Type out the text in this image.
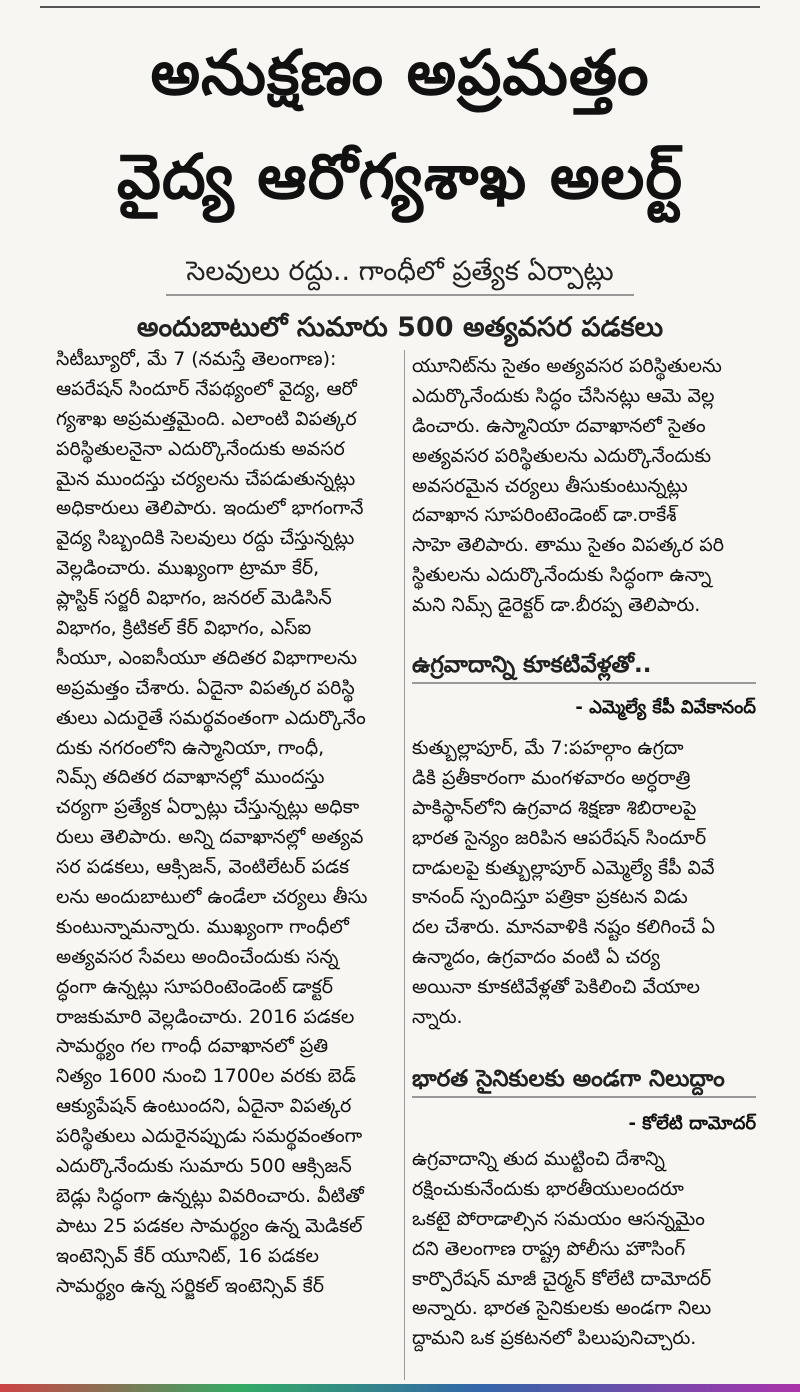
అనుక్షణం అప్రమత్తం
వైద్య ఆరోగ్యశాఖ అలర్ట్
సెలవులు రద్దు.. గాంధీలో ప్రత్యేక ఏర్పాట్లు
అందుబాటులో సుమారు 500 అత్యవసర పడకలు
సిటీబ్యూరో, మే 7 (నమస్తే తెలంగాణ):
ఆపరేషన్ సిందూర్ నేపథ్యంలో వైద్య, ఆరో
గ్యశాఖ అప్రమత్తమైంది. ఎలాంటి విపత్కర
పరిస్థితులనైనా ఎదుర్కొనేందుకు అవసర
మైన ముందస్తు చర్యలను చేపడుతున్నట్లు
అధికారులు తెలిపారు. ఇందులో భాగంగానే
వైద్య సిబ్బందికి సెలవులు రద్దు చేస్తున్నట్లు
వెల్లడించారు. ముఖ్యంగా ట్రామా కేర్,
ప్లాస్టిక్ సర్జరీ విభాగం, జనరల్ మెడిసిన్
విభాగం, క్రిటికల్ కేర్ విభాగం, ఎస్ఐ
సీయూ, ఎంఐసీయూ తదితర విభాగాలను
అప్రమత్తం చేశారు. ఏదైనా విపత్కర పరిస్థి
తులు ఎదురైతే సమర్థవంతంగా ఎదుర్కొనేం
దుకు నగరంలోని ఉస్మానియా, గాంధీ,
నిమ్స్ తదితర దవాఖానల్లో ముందస్తు
చర్యగా ప్రత్యేక ఏర్పాట్లు చేస్తున్నట్లు అధికా
రులు తెలిపారు. అన్ని దవాఖానల్లో అత్యవ
సర పడకలు, ఆక్సిజన్, వెంటిలేటర్ పడక
లను అందుబాటులో ఉండేలా చర్యలు తీసు
కుంటున్నామన్నారు. ముఖ్యంగా గాంధీలో
అత్యవసర సేవలు అందించేందుకు సన్న
ద్ధంగా ఉన్నట్లు సూపరింటెండెంట్ డాక్టర్
రాజకుమారి వెల్లడించారు. 2016 పడకల
సామర్థ్యం గల గాంధీ దవాఖానలో ప్రతి
నిత్యం 1600 నుంచి 1700ల వరకు బెడ్
ఆక్యుపేషన్ ఉంటుందని, ఏదైనా విపత్కర
పరిస్థితులు ఎదురైనప్పుడు సమర్థవంతంగా
ఎదుర్కొనేందుకు సుమారు 500 ఆక్సిజన్
బెడ్లు సిద్ధంగా ఉన్నట్లు వివరించారు. వీటితో
పాటు 25 పడకల సామర్థ్యం ఉన్న మెడికల్
ఇంటెన్సివ్ కేర్ యూనిట్, 16 పడకల
సామర్థ్యం ఉన్న సర్జికల్ ఇంటెన్సివ్ కేర్
యూనిట్‌ను సైతం అత్యవసర పరిస్థితులను
ఎదుర్కొనేందుకు సిద్ధం చేసినట్లు ఆమె వెల్ల
డించారు. ఉస్మానియా దవాఖానలో సైతం
అత్యవసర పరిస్థితులను ఎదుర్కొనేందుకు
అవసరమైన చర్యలు తీసుకుంటున్నట్లు
దవాఖాన సూపరింటెండెంట్ డా.రాకేశ్
సాహె తెలిపారు. తాము సైతం విపత్కర పరి
స్థితులను ఎదుర్కొనేందుకు సిద్ధంగా ఉన్నా
మని నిమ్స్ డైరెక్టర్ డా.బీరప్ప తెలిపారు.
ఉగ్రవాదాన్ని కూకటివేళ్లతో..
- ఎమ్మెల్యే కేపీ వివేకానంద్
కుత్బుల్లాపూర్, మే 7:పహల్గాం ఉగ్రదా
డికి ప్రతీకారంగా మంగళవారం అర్ధరాత్రి
పాకిస్థాన్‌లోని ఉగ్రవాద శిక్షణా శిబిరాలపై
భారత సైన్యం జరిపిన ఆపరేషన్ సిందూర్
దాడులపై కుత్బుల్లాపూర్ ఎమ్మెల్యే కేపీ వివే
కానంద్ స్పందిస్తూ పత్రికా ప్రకటన విడు
దల చేశారు. మానవాళికి నష్టం కలిగించే ఏ
ఉన్మాదం, ఉగ్రవాదం వంటి ఏ చర్య
అయినా కూకటివేళ్లతో పెకిలించి వేయాల
న్నారు.
భారత సైనికులకు అండగా నిలుద్దాం
- కోలేటి దామోదర్
ఉగ్రవాదాన్ని తుద ముట్టించి దేశాన్ని
రక్షించుకునేందుకు భారతీయులందరూ
ఒకటై పోరాడాల్సిన సమయం ఆసన్నమైం
దని తెలంగాణ రాష్ట్ర పోలీసు హౌసింగ్
కార్పొరేషన్ మాజీ చైర్మన్ కోలేటి దామోదర్
అన్నారు. భారత సైనికులకు అండగా నిలు
ద్దామని ఒక ప్రకటనలో పిలుపునిచ్చారు.
